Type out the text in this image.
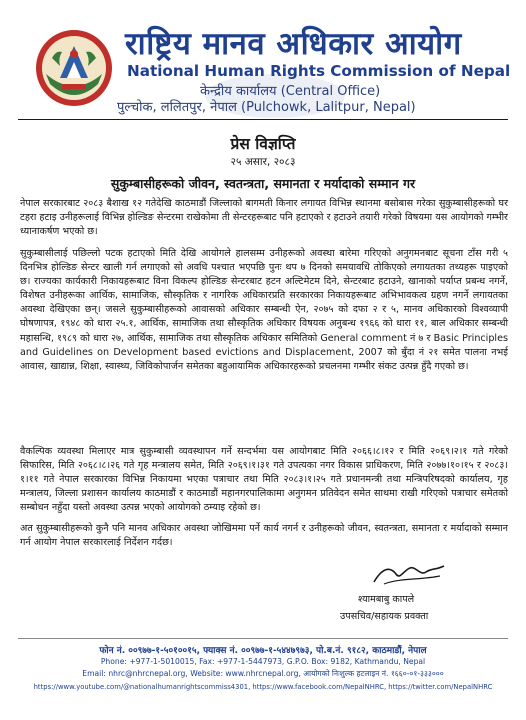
राष्ट्रिय मानव अधिकार आयोग
National Human Rights Commission of Nepal
केन्द्रीय कार्यालय (Central Office)
पुल्चोक, ललितपुर, नेपाल (Pulchowk, Lalitpur, Nepal)
प्रेस विज्ञप्ति
२५ असार, २०८३
सुकुम्बासीहरूको जीवन, स्वतन्त्रता, समानता र मर्यादाको सम्मान गर
नेपाल सरकारबाट २०८३ बैशाख १२ गतेदेखि काठमाडौं जिल्लाको बागमती किनार लगायत विभिन्न स्थानमा बसोबास गरेका सुकुम्बासीहरूको घर टहरा हटाइ उनीहरूलाई विभिन्न होल्डिङ सेन्टरमा राखेकोमा ती सेन्टरहरूबाट पनि हटाएको र हटाउने तयारी गरेको विषयमा यस आयोगको गम्भीर ध्यानाकर्षण भएको छ।
सुकुम्बासीलाई पछिल्लो पटक हटाएको मिति देखि आयोगले हालसम्म उनीहरूको अवस्था बारेमा गरिएको अनुगमनबाट सूचना टाँस गरी ५ दिनभित्र होल्डिङ सेन्टर खाली गर्न लगाएको सो अवधि पश्चात भएपछि पुनः थप ७ दिनको समयावधि तोकिएको लगायतका तथ्यहरू पाइएको छ। राज्यका कार्यकारी निकायहरूबाट विना विकल्प होल्डिङ सेन्टरबाट हटन अल्टिमेटम दिने, सेन्टरबाट हटाउने, खानाको पर्याप्त प्रबन्ध नगर्ने, विशेषत उनीहरूका आर्थिक, सामाजिक, सौस्कृतिक र नागरिक अधिकारप्रति सरकारका निकायहरूबाट अभिभावकत्व ग्रहण नगर्ने लगायतका अवस्था देखिएका छन्। जसले सुकुम्बासीहरूको आवासको अधिकार सम्बन्धी ऐन, २०७५ को दफा २ र ५, मानव अधिकारको विश्वव्यापी घोषणापत्र, १९४८ को धारा २५.१, आर्थिक, सामाजिक तथा सौस्कृतिक अधिकार विषयक अनुबन्ध १९६६ को धारा ११, बाल अधिकार सम्बन्धी महासन्धि, १९८९ को धारा २७, आर्थिक, सामाजिक तथा सौस्कृतिक अधिकार समितिको General comment नं ७ र Basic Principles and Guidelines on Development based evictions and Displacement, 2007 को बुँदा नं २१ समेत पालना नभई आवास, खाद्यान्न, शिक्षा, स्वास्थ्य, जिविकोपार्जन समेतका बहुआयामिक अधिकारहरूको प्रचलनमा गम्भीर संकट उत्पन्न हुँदै गएको छ।
वैकल्पिक व्यवस्था मिलाएर मात्र सुकुम्बासी व्यवस्थापन गर्ने सन्दर्भमा यस आयोगबाट मिति २०६६।८।१२ र मिति २०६९।२।१ गते गरेको सिफारिस, मिति २०६८।८।२६ गते गृह मन्त्रालय समेत, मिति २०६९।१।३१ गते उपत्यका नगर विकास प्राधिकरण, मिति २०७७।१०।१५ र २०८३।१।११ गते नेपाल सरकारका विभिन्न निकायमा भएका पत्राचार तथा मिति २०८३।१।२५ गते प्रधानमन्त्री तथा मन्त्रिपरिषदको कार्यालय, गृह मन्त्रालय, जिल्ला प्रशासन कार्यालय काठमाडौं र काठमाडौं महानगरपालिकामा अनुगमन प्रतिवेदन समेत साथमा राखी गरिएको पत्राचार समेतको सम्बोधन नहुँदा यस्तो अवस्था उत्पन्न भएको आयोगको ठम्याइ रहेको छ।
अत सुकुम्बासीहरूको कुनै पनि मानव अधिकार अवस्था जोखिममा पर्ने कार्य नगर्न र उनीहरूको जीवन, स्वतन्त्रता, समानता र मर्यादाको सम्मान गर्न आयोग नेपाल सरकारलाई निर्देशन गर्दछ।
श्यामबाबु कापले
उपसचिव/सहायक प्रवक्ता
फोन नं. ००९७७-१-५०१००१५, फ्याक्स नं. ००९७७-१-५४४७९७३, पो.ब.नं. ९१८२, काठमाडौं, नेपाल
Phone: +977-1-5010015, Fax: +977-1-5447973, G.P.O. Box: 9182, Kathmandu, Nepal
Email: nhrc@nhrcnepal.org, Website: www.nhrcnepal.org, आयोगको निःशुल्क हटलाइन नं. १६६०-०१-३३३०००
https://www.youtube.com/@nationalhumanrightscommiss4301, https://www.facebook.com/NepalNHRC, https://twitter.com/NepalNHRC
